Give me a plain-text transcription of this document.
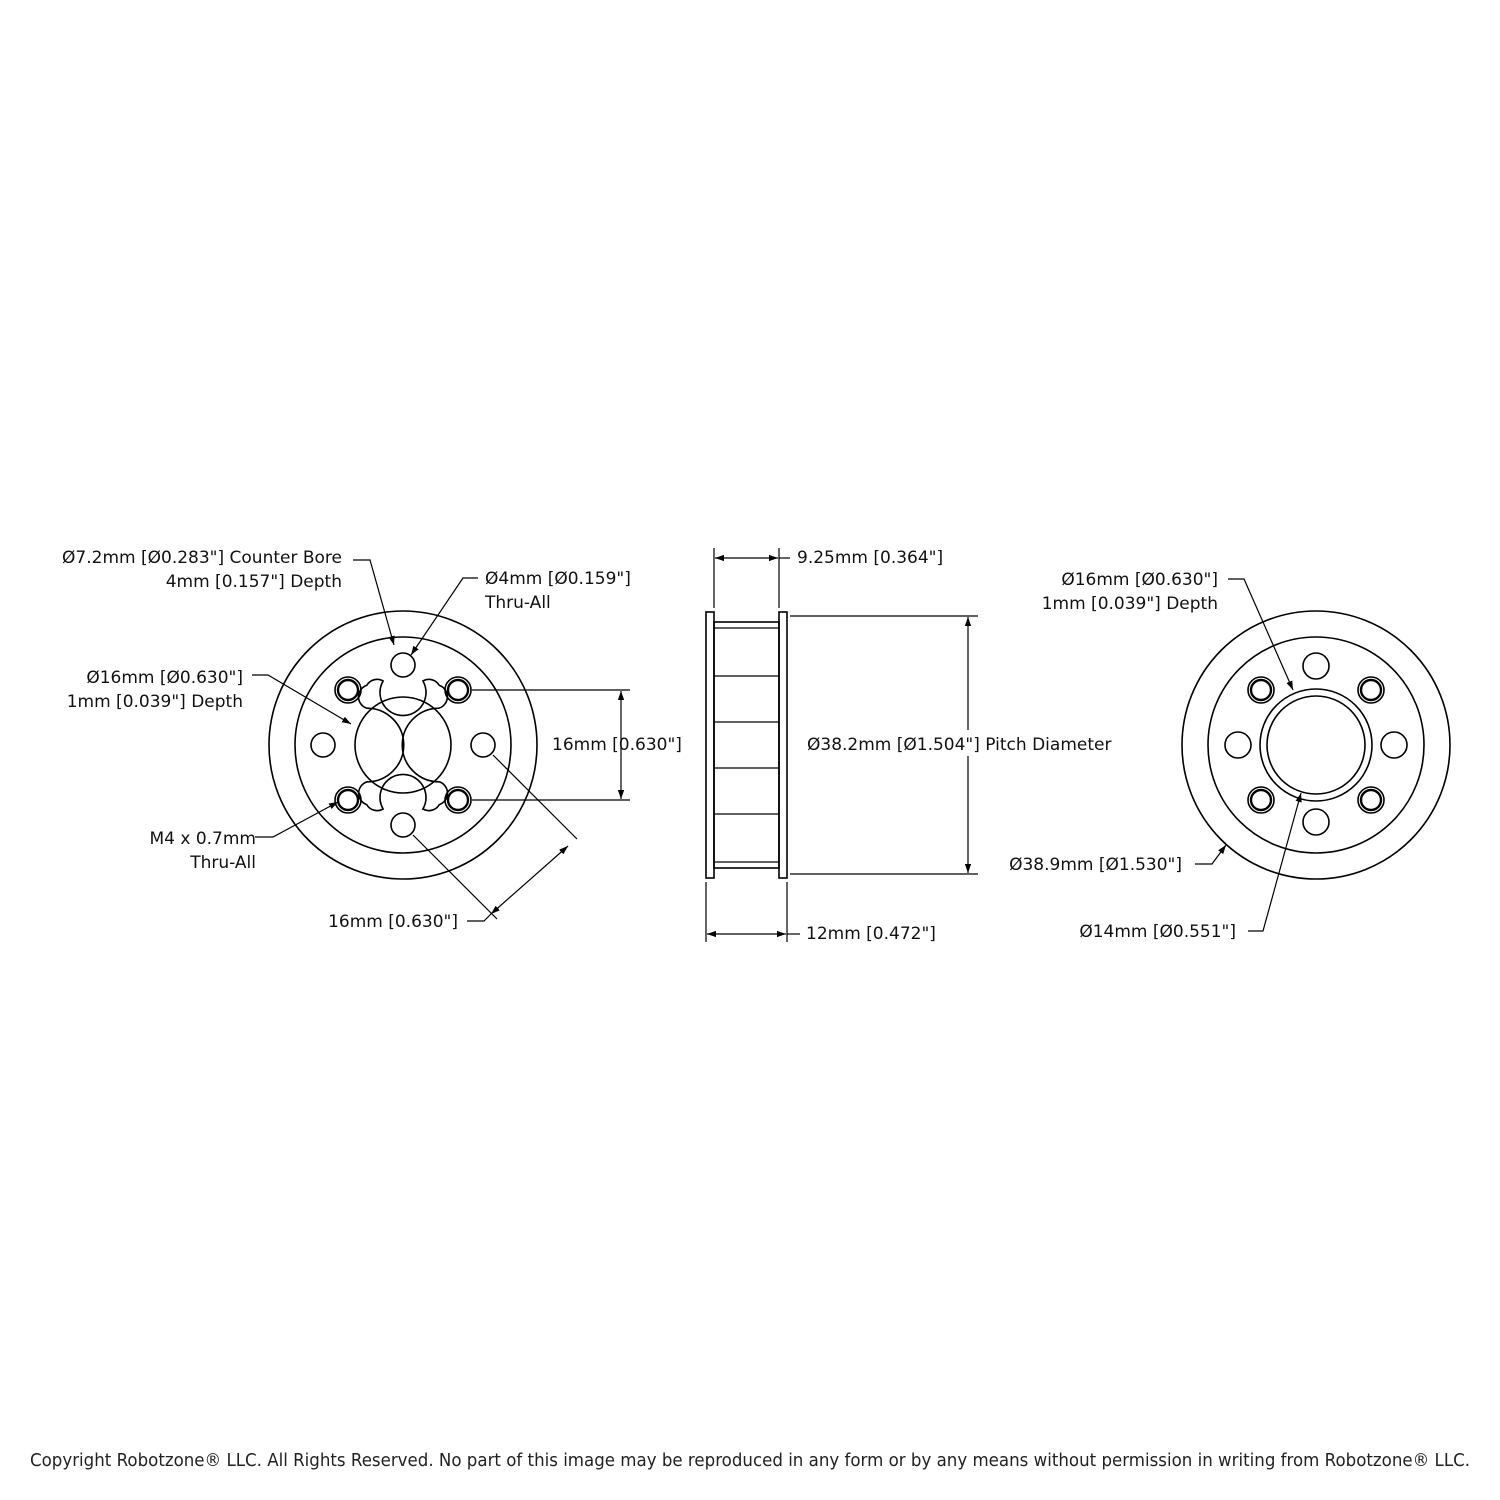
Ø7.2mm [Ø0.283"] Counter Bore
4mm [0.157"] Depth	Ø4mm [Ø0.159"]
Thru-All
Ø16mm [Ø0.630"]
1mm [0.039"] Depth
M4 x 0.7mm
Thru-All
16mm [0.630"]
16mm [0.630"]
9.25mm [0.364"]
Ø38.2mm [Ø1.504"] Pitch Diameter
12mm [0.472"]
Ø16mm [Ø0.630"]
1mm [0.039"] Depth
Ø38.9mm [Ø1.530"]
Ø14mm [Ø0.551"]
Copyright Robotzone® LLC. All Rights Reserved. No part of this image may be reproduced in any form or by any means without permission in writing from Robotzone® LLC.
